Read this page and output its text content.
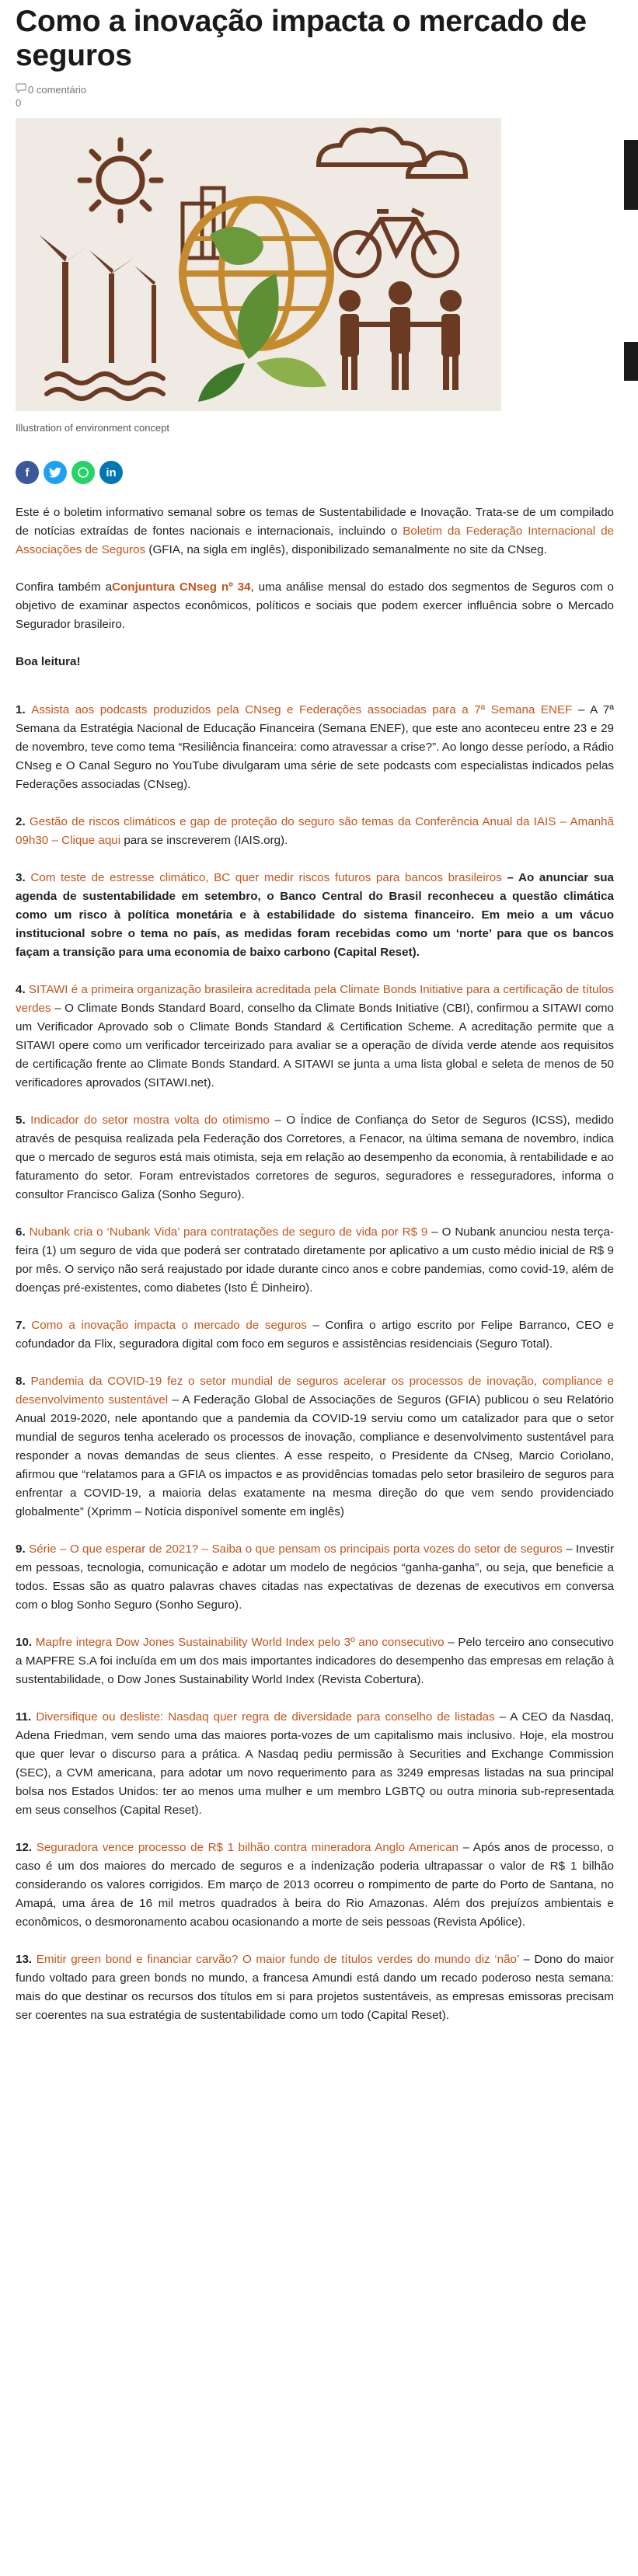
Como a inovação impacta o mercado de seguros
0 comentário
0
Illustration of environment concept
f	in

Este é o boletim informativo semanal sobre os temas de Sustentabilidade e Inovação. Trata-se de um compilado de notícias extraídas de fontes nacionais e internacionais, incluindo o Boletim da Federação Internacional de Associações de Seguros (GFIA, na sigla em inglês), disponibilizado semanalmente no site da CNseg.

Confira também aConjuntura CNseg nº 34, uma análise mensal do estado dos segmentos de Seguros com o objetivo de examinar aspectos econômicos, políticos e sociais que podem exercer influência sobre o Mercado Segurador brasileiro.

Boa leitura!

1. Assista aos podcasts produzidos pela CNseg e Federações associadas para a 7ª Semana ENEF – A 7ª Semana da Estratégia Nacional de Educação Financeira (Semana ENEF), que este ano aconteceu entre 23 e 29 de novembro, teve como tema “Resiliência financeira: como atravessar a crise?”. Ao longo desse período, a Rádio CNseg e O Canal Seguro no YouTube divulgaram uma série de sete podcasts com especialistas indicados pelas Federações associadas (CNseg).

2. Gestão de riscos climáticos e gap de proteção do seguro são temas da Conferência Anual da IAIS – Amanhã 09h30 – Clique aqui para se inscreverem (IAIS.org).

3. Com teste de estresse climático, BC quer medir riscos futuros para bancos brasileiros – Ao anunciar sua agenda de sustentabilidade em setembro, o Banco Central do Brasil reconheceu a questão climática como um risco à política monetária e à estabilidade do sistema financeiro. Em meio a um vácuo institucional sobre o tema no país, as medidas foram recebidas como um ‘norte’ para que os bancos façam a transição para uma economia de baixo carbono (Capital Reset).

4. SITAWI é a primeira organização brasileira acreditada pela Climate Bonds Initiative para a certificação de títulos verdes – O Climate Bonds Standard Board, conselho da Climate Bonds Initiative (CBI), confirmou a SITAWI como um Verificador Aprovado sob o Climate Bonds Standard & Certification Scheme. A acreditação permite que a SITAWI opere como um verificador terceirizado para avaliar se a operação de dívida verde atende aos requisitos de certificação frente ao Climate Bonds Standard. A SITAWI se junta a uma lista global e seleta de menos de 50 verificadores aprovados (SITAWI.net).

5. Indicador do setor mostra volta do otimismo – O Índice de Confiança do Setor de Seguros (ICSS), medido através de pesquisa realizada pela Federação dos Corretores, a Fenacor, na última semana de novembro, indica que o mercado de seguros está mais otimista, seja em relação ao desempenho da economia, à rentabilidade e ao faturamento do setor. Foram entrevistados corretores de seguros, seguradores e resseguradores, informa o consultor Francisco Galiza (Sonho Seguro).

6. Nubank cria o ‘Nubank Vida’ para contratações de seguro de vida por R$ 9 – O Nubank anunciou nesta terça-feira (1) um seguro de vida que poderá ser contratado diretamente por aplicativo a um custo médio inicial de R$ 9 por mês. O serviço não será reajustado por idade durante cinco anos e cobre pandemias, como covid-19, além de doenças pré-existentes, como diabetes (Isto É Dinheiro).

7. Como a inovação impacta o mercado de seguros – Confira o artigo escrito por Felipe Barranco, CEO e cofundador da Flix, seguradora digital com foco em seguros e assistências residenciais (Seguro Total).

8. Pandemia da COVID-19 fez o setor mundial de seguros acelerar os processos de inovação, compliance e desenvolvimento sustentável – A Federação Global de Associações de Seguros (GFIA) publicou o seu Relatório Anual 2019-2020, nele apontando que a pandemia da COVID-19 serviu como um catalizador para que o setor mundial de seguros tenha acelerado os processos de inovação, compliance e desenvolvimento sustentável para responder a novas demandas de seus clientes. A esse respeito, o Presidente da CNseg, Marcio Coriolano, afirmou que “relatamos para a GFIA os impactos e as providências tomadas pelo setor brasileiro de seguros para enfrentar a COVID-19, a maioria delas exatamente na mesma direção do que vem sendo providenciado globalmente” (Xprimm – Notícia disponível somente em inglês)

9. Série – O que esperar de 2021? – Saiba o que pensam os principais porta vozes do setor de seguros – Investir em pessoas, tecnologia, comunicação e adotar um modelo de negócios “ganha-ganha”, ou seja, que beneficie a todos. Essas são as quatro palavras chaves citadas nas expectativas de dezenas de executivos em conversa com o blog Sonho Seguro (Sonho Seguro).

10. Mapfre integra Dow Jones Sustainability World Index pelo 3º ano consecutivo – Pelo terceiro ano consecutivo a MAPFRE S.A foi incluída em um dos mais importantes indicadores do desempenho das empresas em relação à sustentabilidade, o Dow Jones Sustainability World Index (Revista Cobertura).

11. Diversifique ou desliste: Nasdaq quer regra de diversidade para conselho de listadas – A CEO da Nasdaq, Adena Friedman, vem sendo uma das maiores porta-vozes de um capitalismo mais inclusivo. Hoje, ela mostrou que quer levar o discurso para a prática. A Nasdaq pediu permissão à Securities and Exchange Commission (SEC), a CVM americana, para adotar um novo requerimento para as 3249 empresas listadas na sua principal bolsa nos Estados Unidos: ter ao menos uma mulher e um membro LGBTQ ou outra minoria sub-representada em seus conselhos (Capital Reset).

12. Seguradora vence processo de R$ 1 bilhão contra mineradora Anglo American – Após anos de processo, o caso é um dos maiores do mercado de seguros e a indenização poderia ultrapassar o valor de R$ 1 bilhão considerando os valores corrigidos. Em março de 2013 ocorreu o rompimento de parte do Porto de Santana, no Amapá, uma área de 16 mil metros quadrados à beira do Rio Amazonas. Além dos prejuízos ambientais e econômicos, o desmoronamento acabou ocasionando a morte de seis pessoas (Revista Apólice).

13. Emitir green bond e financiar carvão? O maior fundo de títulos verdes do mundo diz ‘não’ – Dono do maior fundo voltado para green bonds no mundo, a francesa Amundi está dando um recado poderoso nesta semana: mais do que destinar os recursos dos títulos em si para projetos sustentáveis, as empresas emissoras precisam ser coerentes na sua estratégia de sustentabilidade como um todo (Capital Reset).
